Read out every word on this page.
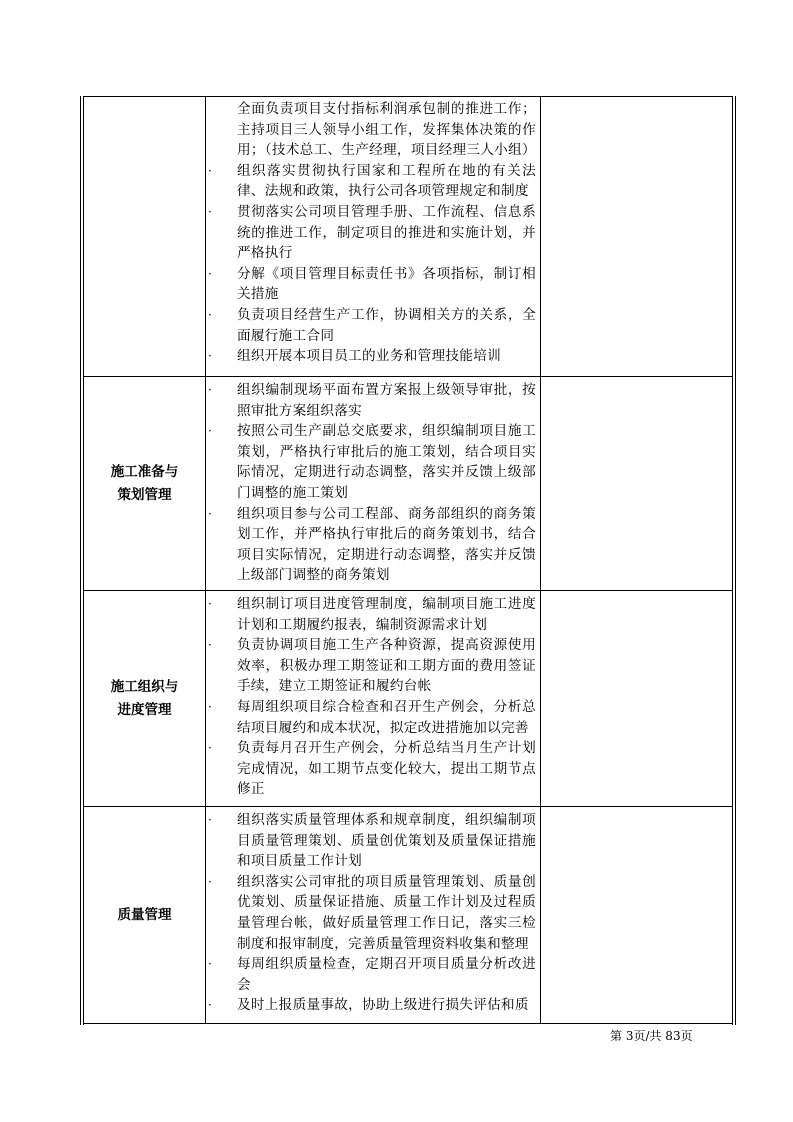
全面负责项目支付指标利润承包制的推进工作；主持项目三人领导小组工作，发挥集体决策的作用；（技术总工、生产经理，项目经理三人小组）
· 组织落实贯彻执行国家和工程所在地的有关法律、法规和政策，执行公司各项管理规定和制度
· 贯彻落实公司项目管理手册、工作流程、信息系统的推进工作，制定项目的推进和实施计划，并严格执行
· 分解《项目管理目标责任书》各项指标，制订相关措施
· 负责项目经营生产工作，协调相关方的关系，全面履行施工合同
· 组织开展本项目员工的业务和管理技能培训
施工准备与
策划管理
· 组织编制现场平面布置方案报上级领导审批，按照审批方案组织落实
· 按照公司生产副总交底要求，组织编制项目施工策划，严格执行审批后的施工策划，结合项目实际情况，定期进行动态调整，落实并反馈上级部门调整的施工策划
· 组织项目参与公司工程部、商务部组织的商务策划工作，并严格执行审批后的商务策划书，结合项目实际情况，定期进行动态调整，落实并反馈上级部门调整的商务策划
施工组织与
进度管理
· 组织制订项目进度管理制度，编制项目施工进度计划和工期履约报表，编制资源需求计划
· 负责协调项目施工生产各种资源，提高资源使用效率，积极办理工期签证和工期方面的费用签证手续，建立工期签证和履约台帐
· 每周组织项目综合检查和召开生产例会，分析总结项目履约和成本状况，拟定改进措施加以完善
· 负责每月召开生产例会，分析总结当月生产计划完成情况，如工期节点变化较大，提出工期节点修正
质量管理
· 组织落实质量管理体系和规章制度，组织编制项目质量管理策划、质量创优策划及质量保证措施和项目质量工作计划
· 组织落实公司审批的项目质量管理策划、质量创优策划、质量保证措施、质量工作计划及过程质量管理台帐，做好质量管理工作日记，落实三检制度和报审制度，完善质量管理资料收集和整理
· 每周组织质量检查，定期召开项目质量分析改进会
· 及时上报质量事故，协助上级进行损失评估和质
第 3页/共 83页
